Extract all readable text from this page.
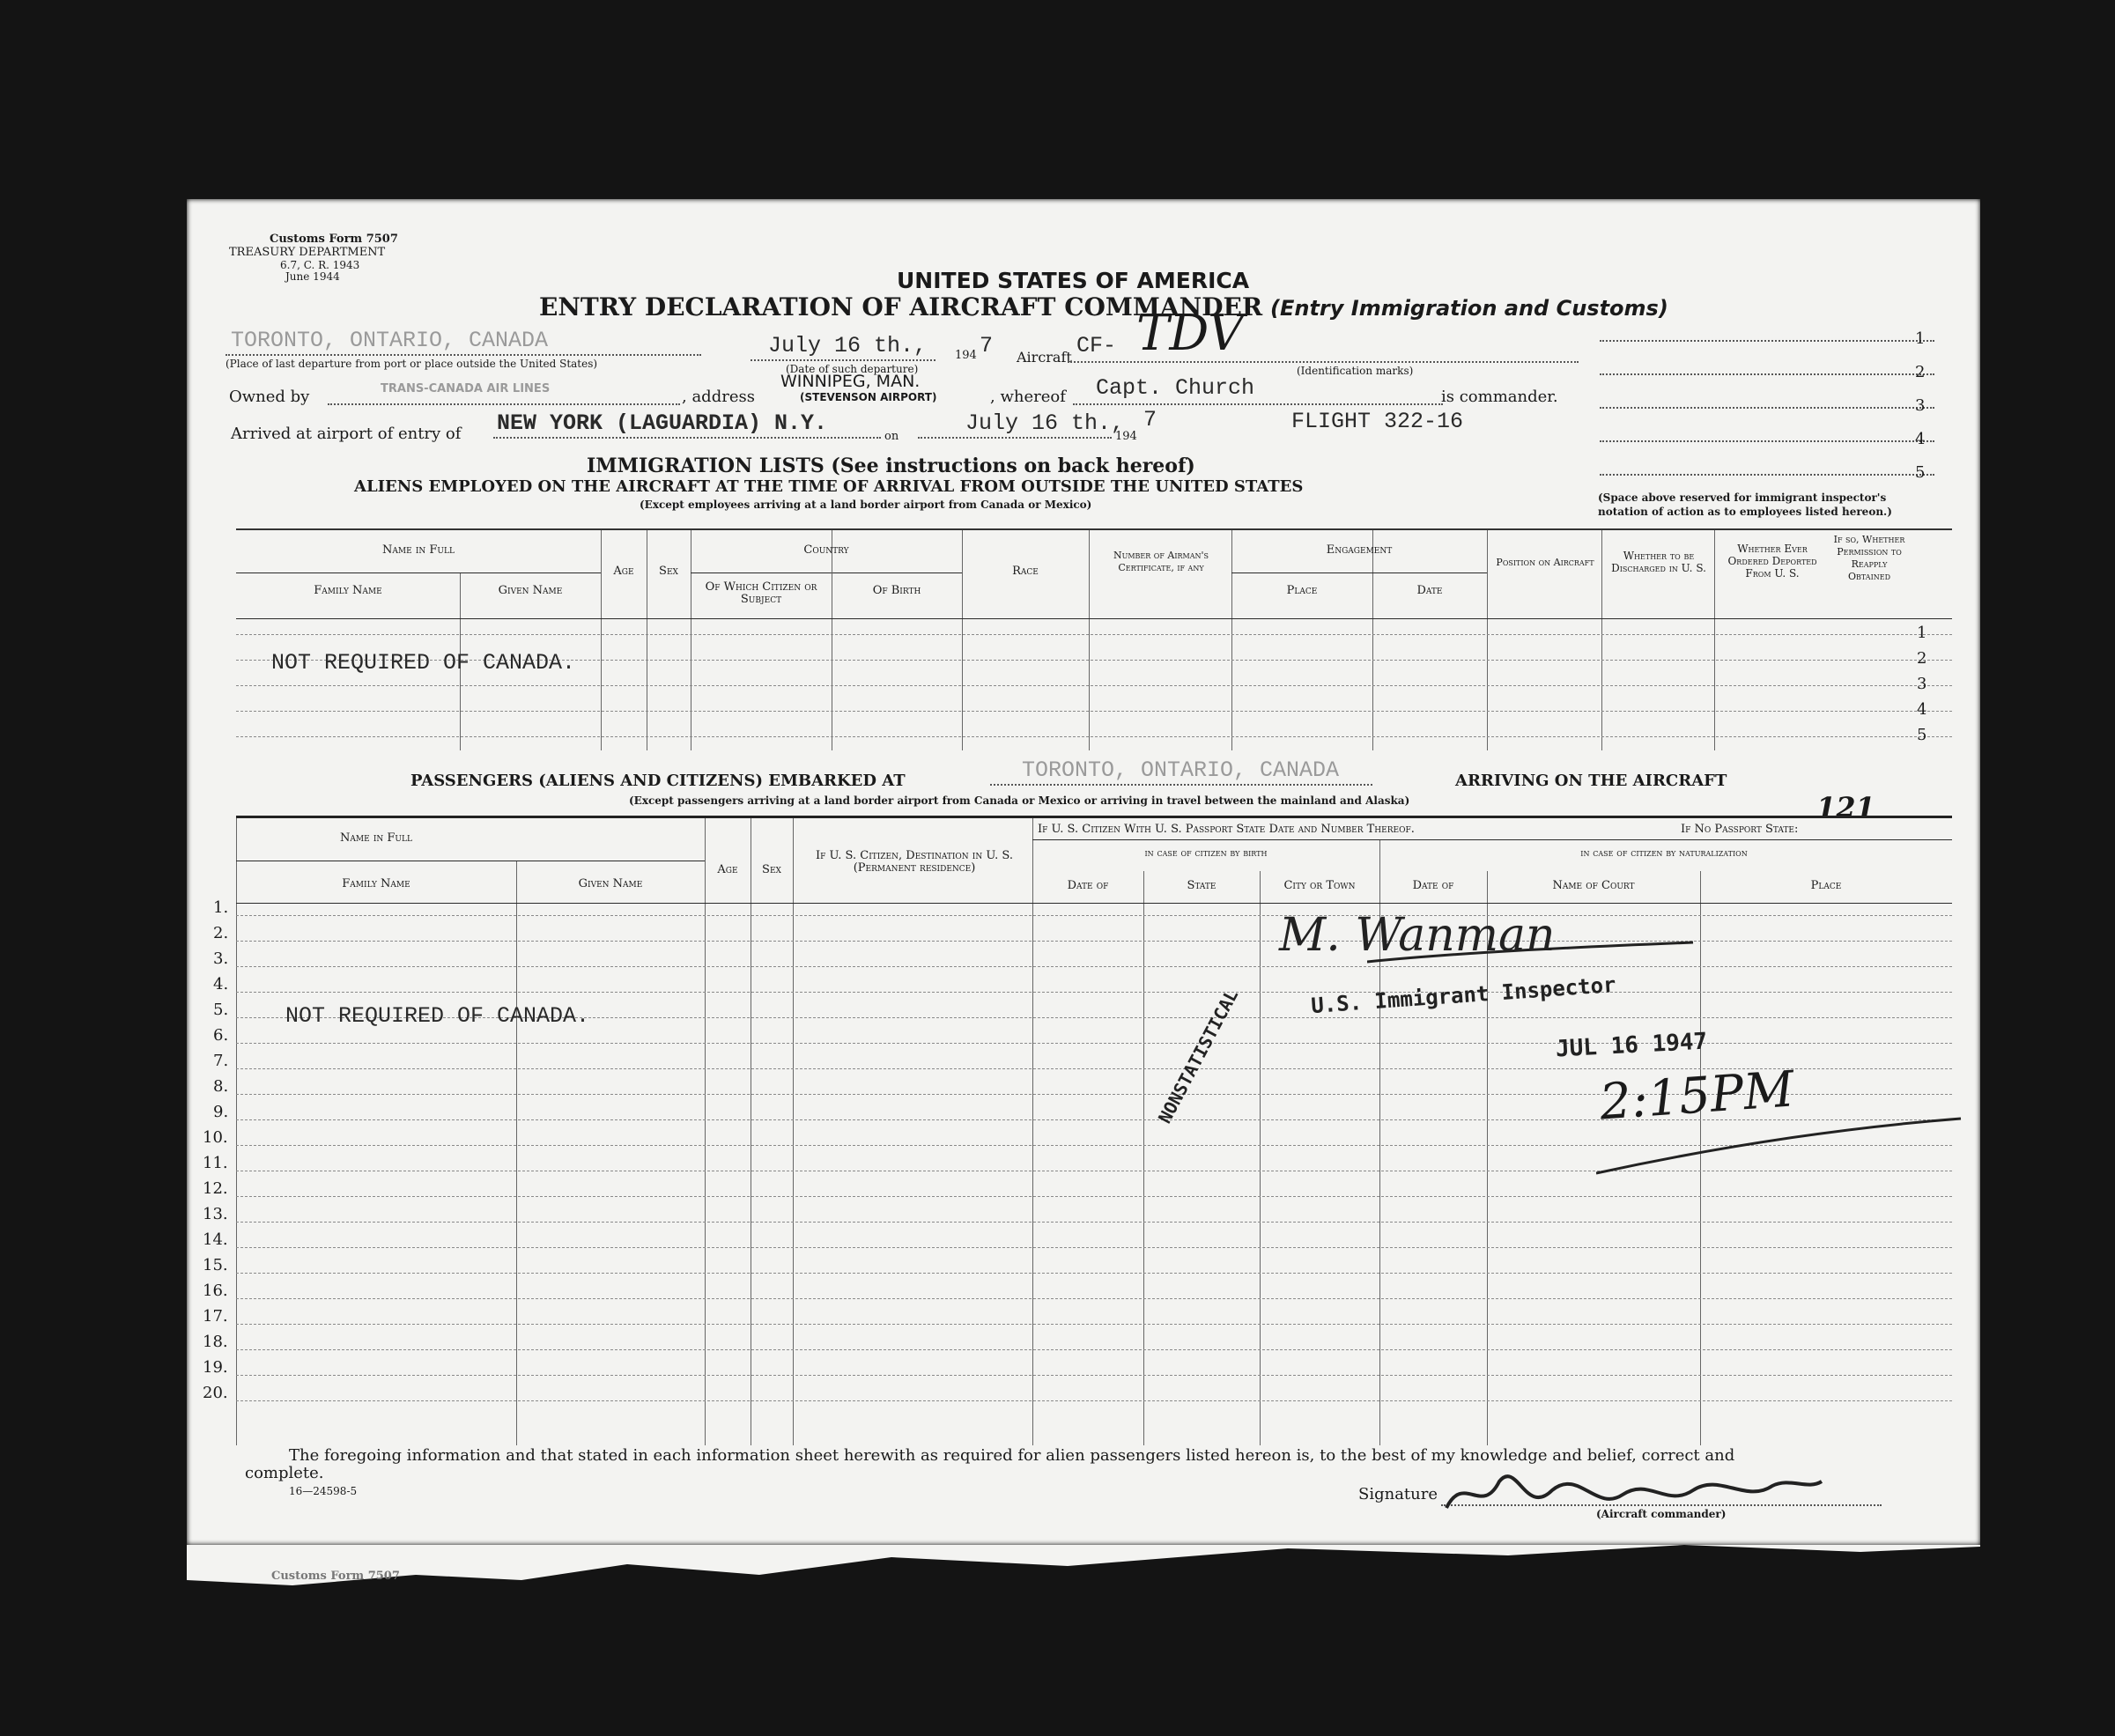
Customs Form 7507
TREASURY DEPARTMENT
6.7, C. R. 1943
June 1944	UNITED STATES OF AMERICA
ENTRY DECLARATION OF AIRCRAFT COMMANDER (Entry Immigration and Customs)
TORONTO, ONTARIO, CANADA
(Place of last departure from port or place outside the United States)
July 16 th.,
(Date of such departure)
194 7 Aircraft CF- TDV
(Identification marks)
Owned by	TRANS-CANADA AIR LINES	, address
WINNIPEG, MAN.
(STEVENSON AIRPORT)	, whereof Capt. Church	is commander.
Arrived at airport of entry of NEW YORK (LAGUARDIA) N.Y.
on
July 16 th.,
194
7	FLIGHT 322-16
1
2
3
4
5
(Space above reserved for immigrant inspector's
notation of action as to employees listed hereon.)
IMMIGRATION LISTS (See instructions on back hereof)
ALIENS EMPLOYED ON THE AIRCRAFT AT THE TIME OF ARRIVAL FROM OUTSIDE THE UNITED STATES
(Except employees arriving at a land border airport from Canada or Mexico)
Name in Full
Family Name	Given Name
Age	Sex
Country
Of Which Citizen or Subject
Of Birth
Race
Number of Airman's Certificate, if any
Engagement
Place	Date
Position on Aircraft
Whether to be Discharged in U. S.
Whether Ever Ordered Deported From U. S.
If so, Whether Permission to Reapply Obtained
1
2
3
4
5
NOT REQUIRED OF CANADA.
PASSENGERS (ALIENS AND CITIZENS) EMBARKED AT	TORONTO, ONTARIO, CANADA	ARRIVING ON THE AIRCRAFT
(Except passengers arriving at a land border airport from Canada or Mexico or arriving in travel between the mainland and Alaska)	121
Name in Full
Family Name	Given Name
Age	Sex
If U. S. Citizen, Destination in U. S. (Permanent residence)
If U. S. Citizen With U. S. Passport State Date and Number Thereof.	If No Passport State:
in case of citizen by birth	in case of citizen by naturalization
Date of	State	City or Town	Date of	Name of Court	Place
NOT REQUIRED OF CANADA.
1.
2.
3.
4.
5.
6.
7.
8.
9.
10.
11.
12.
13.
14.
15.
16.
17.
18.
19.
20.
M. Wanman
U.S. Immigrant Inspector
JUL 16 1947
2:15PM
NONSTATISTICAL
The foregoing information and that stated in each information sheet herewith as required for alien passengers listed hereon is, to the best of my knowledge and belief, correct and
complete.
16—24598-5	Signature
(Aircraft commander)
Customs Form 7507
